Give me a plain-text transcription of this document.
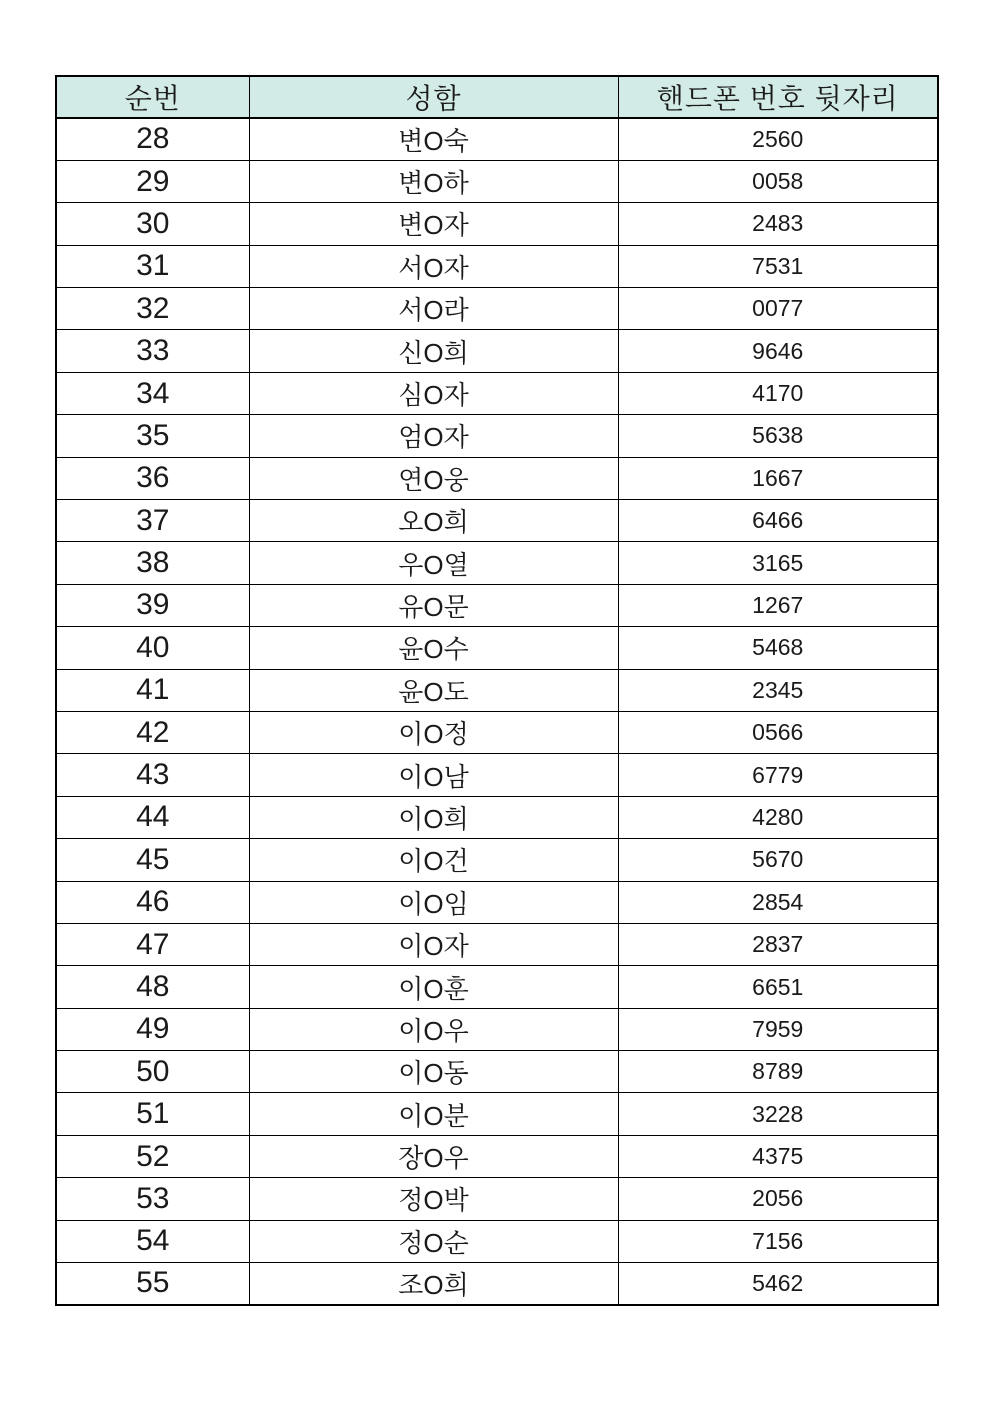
순번	성함	핸드폰 번호 뒷자리
28	변O숙	2560
29	변O하	0058
30	변O자	2483
31	서O자	7531
32	서O라	0077
33	신O희	9646
34	심O자	4170
35	엄O자	5638
36	연O웅	1667
37	오O희	6466
38	우O열	3165
39	유O문	1267
40	윤O수	5468
41	윤O도	2345
42	이O정	0566
43	이O남	6779
44	이O희	4280
45	이O건	5670
46	이O임	2854
47	이O자	2837
48	이O훈	6651
49	이O우	7959
50	이O동	8789
51	이O분	3228
52	장O우	4375
53	정O박	2056
54	정O순	7156
55	조O희	5462
